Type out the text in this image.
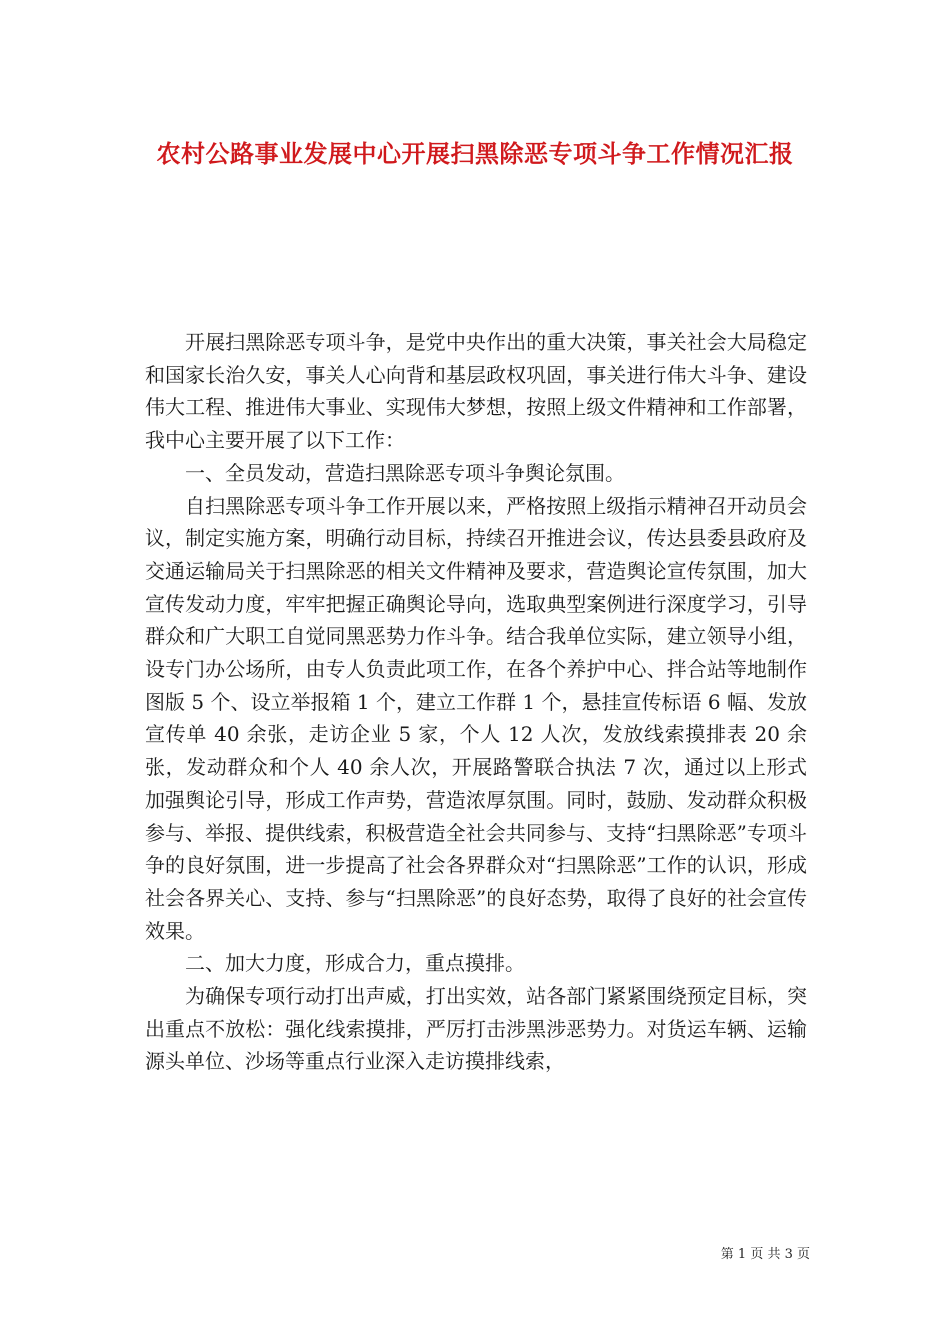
农村公路事业发展中心开展扫黑除恶专项斗争工作情况汇报

开展扫黑除恶专项斗争，是党中央作出的重大决策，事关社会大局稳定和国家长治久安，事关人心向背和基层政权巩固，事关进行伟大斗争、建设伟大工程、推进伟大事业、实现伟大梦想，按照上级文件精神和工作部署，我中心主要开展了以下工作：

一、全员发动，营造扫黑除恶专项斗争舆论氛围。

自扫黑除恶专项斗争工作开展以来，严格按照上级指示精神召开动员会议，制定实施方案，明确行动目标，持续召开推进会议，传达县委县政府及交通运输局关于扫黑除恶的相关文件精神及要求，营造舆论宣传氛围，加大宣传发动力度，牢牢把握正确舆论导向，选取典型案例进行深度学习，引导群众和广大职工自觉同黑恶势力作斗争。结合我单位实际，建立领导小组，设专门办公场所，由专人负责此项工作，在各个养护中心、拌合站等地制作图版 5 个、设立举报箱 1 个，建立工作群 1 个，悬挂宣传标语 6 幅、发放宣传单 40 余张，走访企业 5 家，个人 12 人次，发放线索摸排表 20 余张，发动群众和个人 40 余人次，开展路警联合执法 7 次，通过以上形式加强舆论引导，形成工作声势，营造浓厚氛围。同时，鼓励、发动群众积极参与、举报、提供线索，积极营造全社会共同参与、支持“扫黑除恶”专项斗争的良好氛围，进一步提高了社会各界群众对“扫黑除恶”工作的认识，形成社会各界关心、支持、参与“扫黑除恶”的良好态势，取得了良好的社会宣传效果。

二、加大力度，形成合力，重点摸排。

为确保专项行动打出声威，打出实效，站各部门紧紧围绕预定目标，突出重点不放松：强化线索摸排，严厉打击涉黑涉恶势力。对货运车辆、运输源头单位、沙场等重点行业深入走访摸排线索，

第 1 页 共 3 页
